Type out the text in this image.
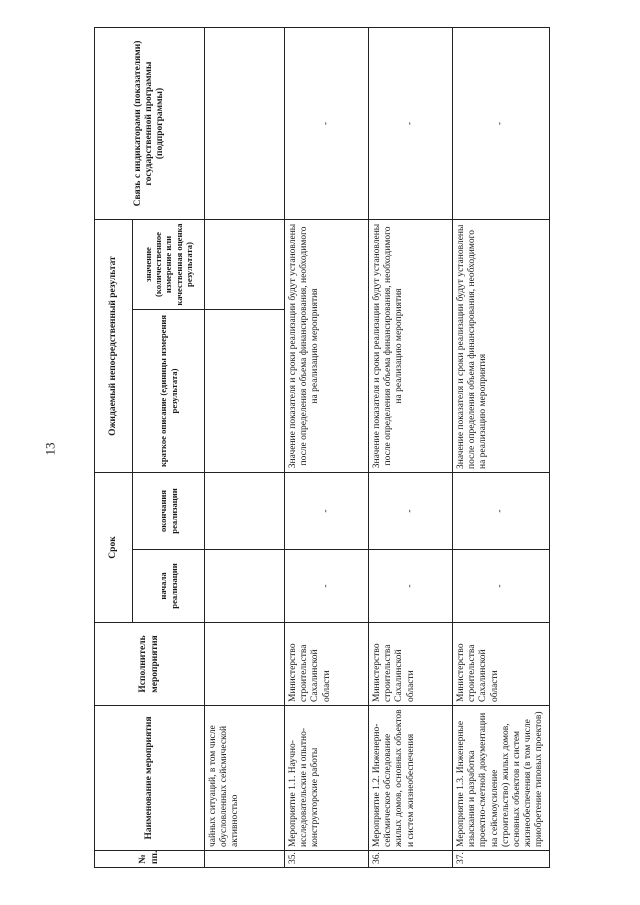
13
№ пп.	Наименование мероприятия	Исполнитель мероприятия	Срок		Ожидаемый непосредственный результат		Связь с индикаторами (показателями) государственной программы (подпрограммы)
			начала реализации	окончания реализации	краткое описание (единицы измерения результата)	значение (количественное измерение или качественная оценка результата)	
	чайных ситуаций, в том числе обусловленных сейсмической активностью						
35.	Мероприятие 1.1. Научно-исследовательские и опытно-конструкторские работы	Министерство строительства Сахалинской области	-	-	Значение показателя и сроки реализации будут установлены после определения объема финансирования, необходимого на реализацию мероприятия		-
36.	Мероприятие 1.2. Инженерно-сейсмическое обследование жилых домов, основных объектов и систем жизнеобеспечения	Министерство строительства Сахалинской области	-	-	Значение показателя и сроки реализации будут установлены после определения объема финансирования, необходимого на реализацию мероприятия		-
37.	Мероприятие 1.3. Инженерные изыскания и разработка проектно-сметной документации на сейсмоусиление (строительство) жилых домов, основных объектов и систем жизнеобеспечения (в том числе приобретение типовых проектов)	Министерство строительства Сахалинской области	-	-	Значение показателя и сроки реализации будут установлены после определения объема финансирования, необходимого на реализацию мероприятия		-
